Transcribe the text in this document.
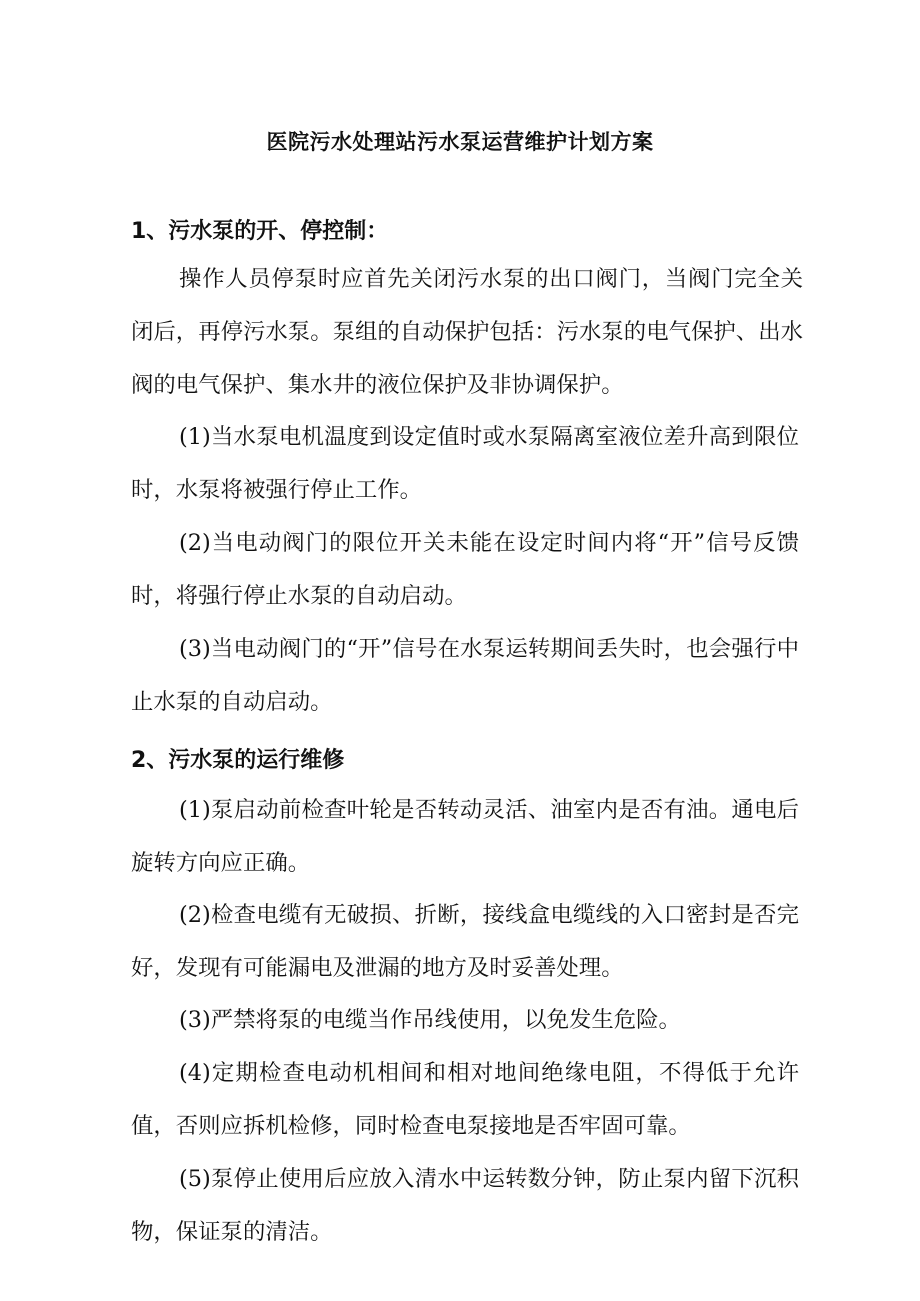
医院污水处理站污水泵运营维护计划方案
1、污水泵的开、停控制：

操作人员停泵时应首先关闭污水泵的出口阀门，当阀门完全关闭后，再停污水泵。泵组的自动保护包括：污水泵的电气保护、出水阀的电气保护、集水井的液位保护及非协调保护。

(1)当水泵电机温度到设定值时或水泵隔离室液位差升高到限位时，水泵将被强行停止工作。

(2)当电动阀门的限位开关未能在设定时间内将“开”信号反馈时，将强行停止水泵的自动启动。

(3)当电动阀门的“开”信号在水泵运转期间丢失时，也会强行中止水泵的自动启动。

2、污水泵的运行维修

(1)泵启动前检查叶轮是否转动灵活、油室内是否有油。通电后旋转方向应正确。

(2)检查电缆有无破损、折断，接线盒电缆线的入口密封是否完好，发现有可能漏电及泄漏的地方及时妥善处理。

(3)严禁将泵的电缆当作吊线使用，以免发生危险。

(4)定期检查电动机相间和相对地间绝缘电阻，不得低于允许值，否则应拆机检修，同时检查电泵接地是否牢固可靠。

(5)泵停止使用后应放入清水中运转数分钟，防止泵内留下沉积物，保证泵的清洁。
